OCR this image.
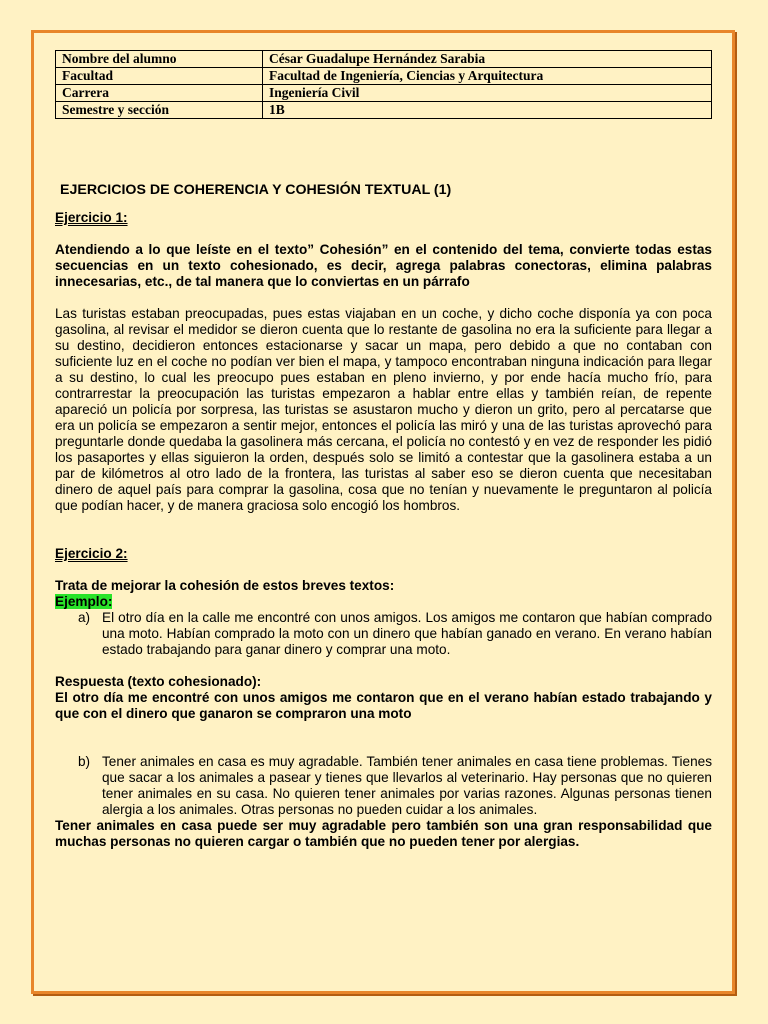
Nombre del alumno	César Guadalupe Hernández Sarabia
Facultad	Facultad de Ingeniería, Ciencias y Arquitectura
Carrera	Ingeniería Civil
Semestre y sección	1B
EJERCICIOS DE COHERENCIA Y COHESIÓN TEXTUAL (1)
Ejercicio 1:
Atendiendo a lo que leíste en el texto” Cohesión” en el contenido del tema, convierte todas estas secuencias en un texto cohesionado, es decir, agrega palabras conectoras, elimina palabras innecesarias, etc., de tal manera que lo conviertas en un párrafo
Las turistas estaban preocupadas, pues estas viajaban en un coche, y dicho coche disponía ya con poca gasolina, al revisar el medidor se dieron cuenta que lo restante de gasolina no era la suficiente para llegar a su destino, decidieron entonces estacionarse y sacar un mapa, pero debido a que no contaban con suficiente luz en el coche no podían ver bien el mapa, y tampoco encontraban ninguna indicación para llegar a su destino, lo cual les preocupo pues estaban en pleno invierno, y por ende hacía mucho frío, para contrarrestar la preocupación las turistas empezaron a hablar entre ellas y también reían, de repente apareció un policía por sorpresa, las turistas se asustaron mucho y dieron un grito, pero al percatarse que era un policía se empezaron a sentir mejor, entonces el policía las miró y una de las turistas aprovechó para preguntarle donde quedaba la gasolinera más cercana, el policía no contestó y en vez de responder les pidió los pasaportes y ellas siguieron la orden, después solo se limitó a contestar que la gasolinera estaba a un par de kilómetros al otro lado de la frontera, las turistas al saber eso se dieron cuenta que necesitaban dinero de aquel país para comprar la gasolina, cosa que no tenían y nuevamente le preguntaron al policía que podían hacer, y de manera graciosa solo encogió los hombros.
Ejercicio 2:
Trata de mejorar la cohesión de estos breves textos:
Ejemplo:
a) El otro día en la calle me encontré con unos amigos. Los amigos me contaron que habían comprado una moto. Habían comprado la moto con un dinero que habían ganado en verano. En verano habían estado trabajando para ganar dinero y comprar una moto.
Respuesta (texto cohesionado):
El otro día me encontré con unos amigos me contaron que en el verano habían estado trabajando y que con el dinero que ganaron se compraron una moto
b) Tener animales en casa es muy agradable. También tener animales en casa tiene problemas. Tienes que sacar a los animales a pasear y tienes que llevarlos al veterinario. Hay personas que no quieren tener animales en su casa. No quieren tener animales por varias razones. Algunas personas tienen alergia a los animales. Otras personas no pueden cuidar a los animales.
Tener animales en casa puede ser muy agradable pero también son una gran responsabilidad que muchas personas no quieren cargar o también que no pueden tener por alergias.
